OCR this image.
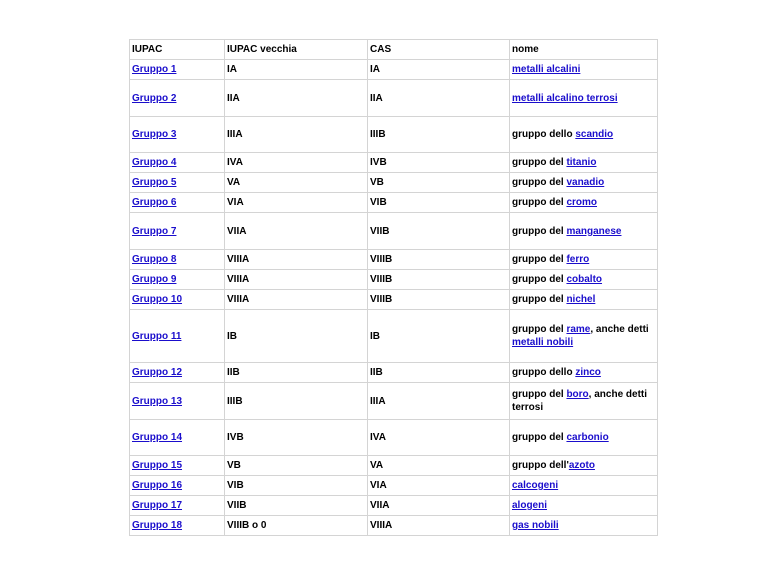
IUPAC	IUPAC vecchia	CAS	nome
Gruppo 1	IA	IA	metalli alcalini
Gruppo 2	IIA	IIA	metalli alcalino terrosi
Gruppo 3	IIIA	IIIB	gruppo dello scandio
Gruppo 4	IVA	IVB	gruppo del titanio
Gruppo 5	VA	VB	gruppo del vanadio
Gruppo 6	VIA	VIB	gruppo del cromo
Gruppo 7	VIIA	VIIB	gruppo del manganese
Gruppo 8	VIIIA	VIIIB	gruppo del ferro
Gruppo 9	VIIIA	VIIIB	gruppo del cobalto
Gruppo 10	VIIIA	VIIIB	gruppo del nichel
Gruppo 11	IB	IB	gruppo del rame, anche detti metalli nobili
Gruppo 12	IIB	IIB	gruppo dello zinco
Gruppo 13	IIIB	IIIA	gruppo del boro, anche detti terrosi
Gruppo 14	IVB	IVA	gruppo del carbonio
Gruppo 15	VB	VA	gruppo dell'azoto
Gruppo 16	VIB	VIA	calcogeni
Gruppo 17	VIIB	VIIA	alogeni
Gruppo 18	VIIIB o 0	VIIIA	gas nobili
